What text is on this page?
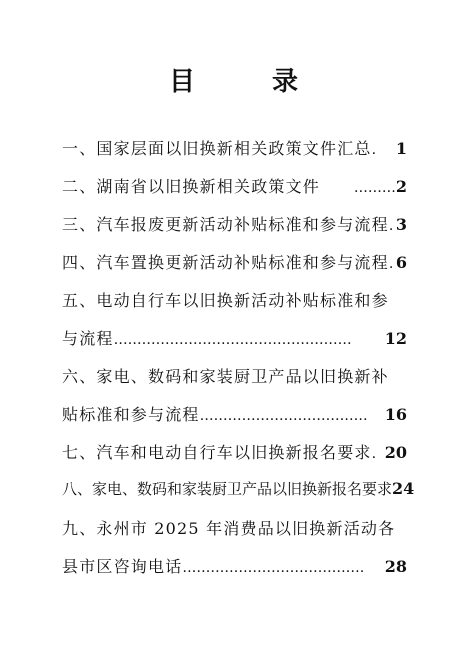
目 录
一、国家层面以旧换新相关政策文件汇总 .	1
二、湖南省以旧换新相关政策文件	……… 2
三、汽车报废更新活动补贴标准和参与流程 . 3
四、汽车置换更新活动补贴标准和参与流程 . 6
五、电动自行车以旧换新活动补贴标准和参
与流程 ……………………………………………	12
六、家电、数码和家装厨卫产品以旧换新补
贴标准和参与流程 ………………………………	16
七、汽车和电动自行车以旧换新报名要求 . 20
八、家电、数码和家装厨卫产品以旧换新报名要求 24
九、永州市 2025 年消费品以旧换新活动各
县市区咨询电话 …………………………………	28
